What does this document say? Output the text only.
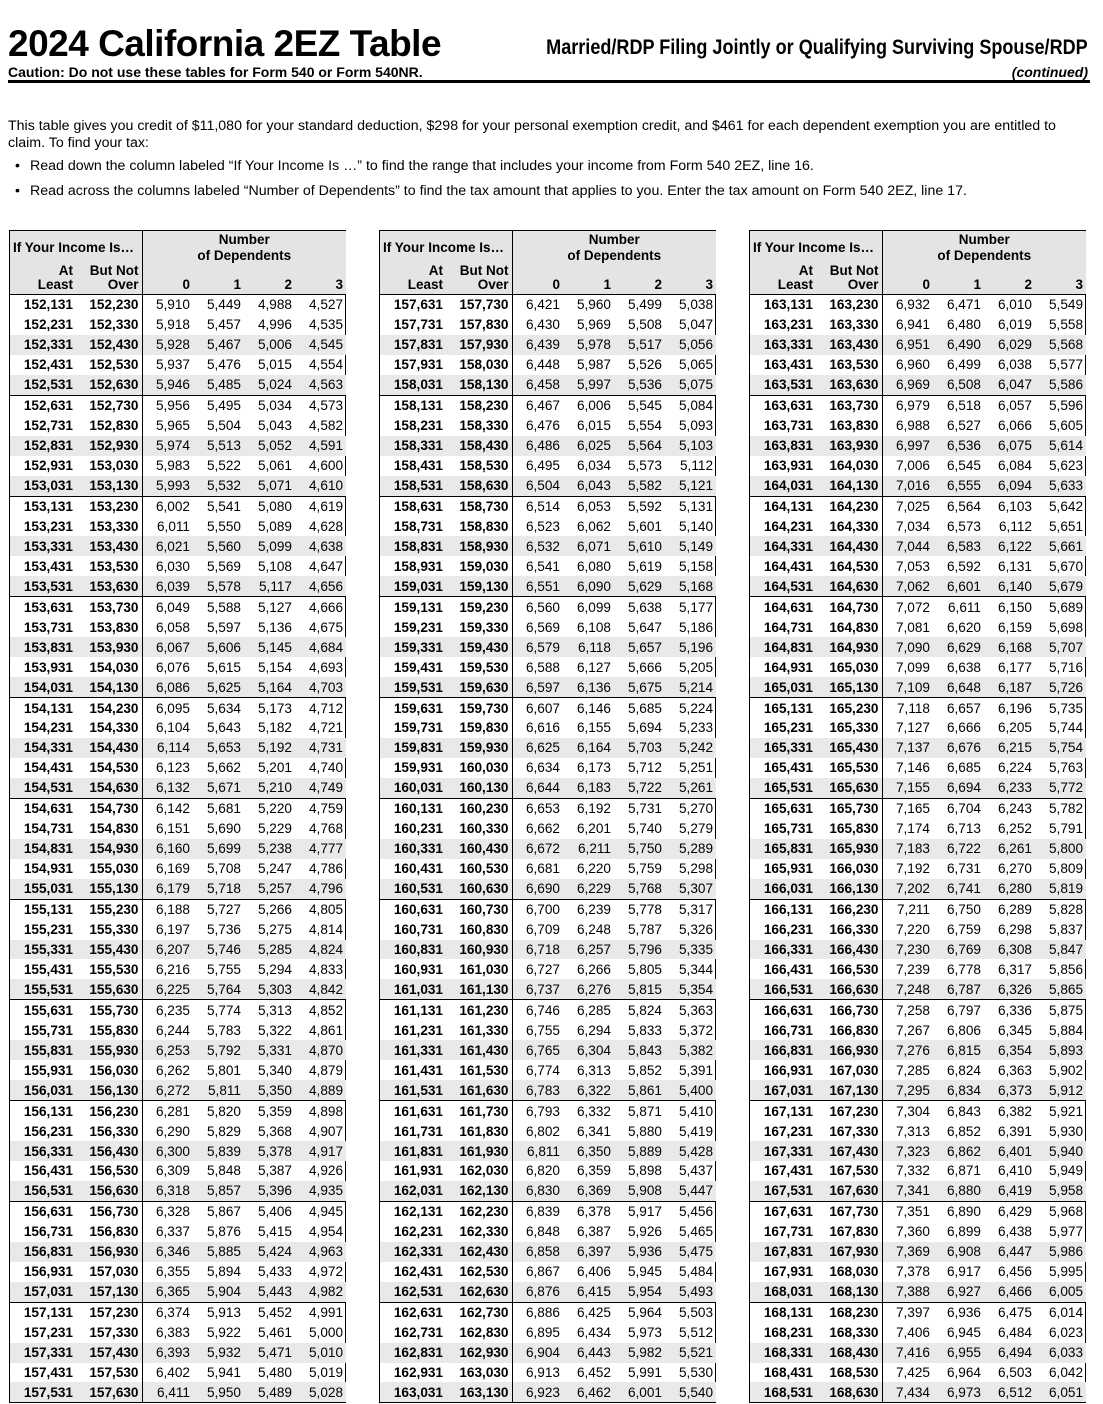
2024 California 2EZ Table	Married/RDP Filing Jointly or Qualifying Surviving Spouse/RDP
Caution: Do not use these tables for Form 540 or Form 540NR.	(continued)

This table gives you credit of $11,080 for your standard deduction, $298 for your personal exemption credit, and $461 for each dependent exemption you are entitled to claim. To find your tax:

• Read down the column labeled “If Your Income Is …” to find the range that includes your income from Form 540 2EZ, line 16.
• Read across the columns labeled “Number of Dependents” to find the tax amount that applies to you. Enter the tax amount on Form 540 2EZ, line 17.
If Your Income Is…		Number
of Dependents			
At
Least	But Not
Over	0	1	2	3
152,131	152,230	5,910	5,449	4,988	4,527
152,231	152,330	5,918	5,457	4,996	4,535
152,331	152,430	5,928	5,467	5,006	4,545
152,431	152,530	5,937	5,476	5,015	4,554
152,531	152,630	5,946	5,485	5,024	4,563
152,631	152,730	5,956	5,495	5,034	4,573
152,731	152,830	5,965	5,504	5,043	4,582
152,831	152,930	5,974	5,513	5,052	4,591
152,931	153,030	5,983	5,522	5,061	4,600
153,031	153,130	5,993	5,532	5,071	4,610
153,131	153,230	6,002	5,541	5,080	4,619
153,231	153,330	6,011	5,550	5,089	4,628
153,331	153,430	6,021	5,560	5,099	4,638
153,431	153,530	6,030	5,569	5,108	4,647
153,531	153,630	6,039	5,578	5,117	4,656
153,631	153,730	6,049	5,588	5,127	4,666
153,731	153,830	6,058	5,597	5,136	4,675
153,831	153,930	6,067	5,606	5,145	4,684
153,931	154,030	6,076	5,615	5,154	4,693
154,031	154,130	6,086	5,625	5,164	4,703
154,131	154,230	6,095	5,634	5,173	4,712
154,231	154,330	6,104	5,643	5,182	4,721
154,331	154,430	6,114	5,653	5,192	4,731
154,431	154,530	6,123	5,662	5,201	4,740
154,531	154,630	6,132	5,671	5,210	4,749
154,631	154,730	6,142	5,681	5,220	4,759
154,731	154,830	6,151	5,690	5,229	4,768
154,831	154,930	6,160	5,699	5,238	4,777
154,931	155,030	6,169	5,708	5,247	4,786
155,031	155,130	6,179	5,718	5,257	4,796
155,131	155,230	6,188	5,727	5,266	4,805
155,231	155,330	6,197	5,736	5,275	4,814
155,331	155,430	6,207	5,746	5,285	4,824
155,431	155,530	6,216	5,755	5,294	4,833
155,531	155,630	6,225	5,764	5,303	4,842
155,631	155,730	6,235	5,774	5,313	4,852
155,731	155,830	6,244	5,783	5,322	4,861
155,831	155,930	6,253	5,792	5,331	4,870
155,931	156,030	6,262	5,801	5,340	4,879
156,031	156,130	6,272	5,811	5,350	4,889
156,131	156,230	6,281	5,820	5,359	4,898
156,231	156,330	6,290	5,829	5,368	4,907
156,331	156,430	6,300	5,839	5,378	4,917
156,431	156,530	6,309	5,848	5,387	4,926
156,531	156,630	6,318	5,857	5,396	4,935
156,631	156,730	6,328	5,867	5,406	4,945
156,731	156,830	6,337	5,876	5,415	4,954
156,831	156,930	6,346	5,885	5,424	4,963
156,931	157,030	6,355	5,894	5,433	4,972
157,031	157,130	6,365	5,904	5,443	4,982
157,131	157,230	6,374	5,913	5,452	4,991
157,231	157,330	6,383	5,922	5,461	5,000
157,331	157,430	6,393	5,932	5,471	5,010
157,431	157,530	6,402	5,941	5,480	5,019
157,531	157,630	6,411	5,950	5,489	5,028
If Your Income Is…		Number
of Dependents			
At
Least	But Not
Over	0	1	2	3
157,631	157,730	6,421	5,960	5,499	5,038
157,731	157,830	6,430	5,969	5,508	5,047
157,831	157,930	6,439	5,978	5,517	5,056
157,931	158,030	6,448	5,987	5,526	5,065
158,031	158,130	6,458	5,997	5,536	5,075
158,131	158,230	6,467	6,006	5,545	5,084
158,231	158,330	6,476	6,015	5,554	5,093
158,331	158,430	6,486	6,025	5,564	5,103
158,431	158,530	6,495	6,034	5,573	5,112
158,531	158,630	6,504	6,043	5,582	5,121
158,631	158,730	6,514	6,053	5,592	5,131
158,731	158,830	6,523	6,062	5,601	5,140
158,831	158,930	6,532	6,071	5,610	5,149
158,931	159,030	6,541	6,080	5,619	5,158
159,031	159,130	6,551	6,090	5,629	5,168
159,131	159,230	6,560	6,099	5,638	5,177
159,231	159,330	6,569	6,108	5,647	5,186
159,331	159,430	6,579	6,118	5,657	5,196
159,431	159,530	6,588	6,127	5,666	5,205
159,531	159,630	6,597	6,136	5,675	5,214
159,631	159,730	6,607	6,146	5,685	5,224
159,731	159,830	6,616	6,155	5,694	5,233
159,831	159,930	6,625	6,164	5,703	5,242
159,931	160,030	6,634	6,173	5,712	5,251
160,031	160,130	6,644	6,183	5,722	5,261
160,131	160,230	6,653	6,192	5,731	5,270
160,231	160,330	6,662	6,201	5,740	5,279
160,331	160,430	6,672	6,211	5,750	5,289
160,431	160,530	6,681	6,220	5,759	5,298
160,531	160,630	6,690	6,229	5,768	5,307
160,631	160,730	6,700	6,239	5,778	5,317
160,731	160,830	6,709	6,248	5,787	5,326
160,831	160,930	6,718	6,257	5,796	5,335
160,931	161,030	6,727	6,266	5,805	5,344
161,031	161,130	6,737	6,276	5,815	5,354
161,131	161,230	6,746	6,285	5,824	5,363
161,231	161,330	6,755	6,294	5,833	5,372
161,331	161,430	6,765	6,304	5,843	5,382
161,431	161,530	6,774	6,313	5,852	5,391
161,531	161,630	6,783	6,322	5,861	5,400
161,631	161,730	6,793	6,332	5,871	5,410
161,731	161,830	6,802	6,341	5,880	5,419
161,831	161,930	6,811	6,350	5,889	5,428
161,931	162,030	6,820	6,359	5,898	5,437
162,031	162,130	6,830	6,369	5,908	5,447
162,131	162,230	6,839	6,378	5,917	5,456
162,231	162,330	6,848	6,387	5,926	5,465
162,331	162,430	6,858	6,397	5,936	5,475
162,431	162,530	6,867	6,406	5,945	5,484
162,531	162,630	6,876	6,415	5,954	5,493
162,631	162,730	6,886	6,425	5,964	5,503
162,731	162,830	6,895	6,434	5,973	5,512
162,831	162,930	6,904	6,443	5,982	5,521
162,931	163,030	6,913	6,452	5,991	5,530
163,031	163,130	6,923	6,462	6,001	5,540
If Your Income Is…		Number
of Dependents			
At
Least	But Not
Over	0	1	2	3
163,131	163,230	6,932	6,471	6,010	5,549
163,231	163,330	6,941	6,480	6,019	5,558
163,331	163,430	6,951	6,490	6,029	5,568
163,431	163,530	6,960	6,499	6,038	5,577
163,531	163,630	6,969	6,508	6,047	5,586
163,631	163,730	6,979	6,518	6,057	5,596
163,731	163,830	6,988	6,527	6,066	5,605
163,831	163,930	6,997	6,536	6,075	5,614
163,931	164,030	7,006	6,545	6,084	5,623
164,031	164,130	7,016	6,555	6,094	5,633
164,131	164,230	7,025	6,564	6,103	5,642
164,231	164,330	7,034	6,573	6,112	5,651
164,331	164,430	7,044	6,583	6,122	5,661
164,431	164,530	7,053	6,592	6,131	5,670
164,531	164,630	7,062	6,601	6,140	5,679
164,631	164,730	7,072	6,611	6,150	5,689
164,731	164,830	7,081	6,620	6,159	5,698
164,831	164,930	7,090	6,629	6,168	5,707
164,931	165,030	7,099	6,638	6,177	5,716
165,031	165,130	7,109	6,648	6,187	5,726
165,131	165,230	7,118	6,657	6,196	5,735
165,231	165,330	7,127	6,666	6,205	5,744
165,331	165,430	7,137	6,676	6,215	5,754
165,431	165,530	7,146	6,685	6,224	5,763
165,531	165,630	7,155	6,694	6,233	5,772
165,631	165,730	7,165	6,704	6,243	5,782
165,731	165,830	7,174	6,713	6,252	5,791
165,831	165,930	7,183	6,722	6,261	5,800
165,931	166,030	7,192	6,731	6,270	5,809
166,031	166,130	7,202	6,741	6,280	5,819
166,131	166,230	7,211	6,750	6,289	5,828
166,231	166,330	7,220	6,759	6,298	5,837
166,331	166,430	7,230	6,769	6,308	5,847
166,431	166,530	7,239	6,778	6,317	5,856
166,531	166,630	7,248	6,787	6,326	5,865
166,631	166,730	7,258	6,797	6,336	5,875
166,731	166,830	7,267	6,806	6,345	5,884
166,831	166,930	7,276	6,815	6,354	5,893
166,931	167,030	7,285	6,824	6,363	5,902
167,031	167,130	7,295	6,834	6,373	5,912
167,131	167,230	7,304	6,843	6,382	5,921
167,231	167,330	7,313	6,852	6,391	5,930
167,331	167,430	7,323	6,862	6,401	5,940
167,431	167,530	7,332	6,871	6,410	5,949
167,531	167,630	7,341	6,880	6,419	5,958
167,631	167,730	7,351	6,890	6,429	5,968
167,731	167,830	7,360	6,899	6,438	5,977
167,831	167,930	7,369	6,908	6,447	5,986
167,931	168,030	7,378	6,917	6,456	5,995
168,031	168,130	7,388	6,927	6,466	6,005
168,131	168,230	7,397	6,936	6,475	6,014
168,231	168,330	7,406	6,945	6,484	6,023
168,331	168,430	7,416	6,955	6,494	6,033
168,431	168,530	7,425	6,964	6,503	6,042
168,531	168,630	7,434	6,973	6,512	6,051
